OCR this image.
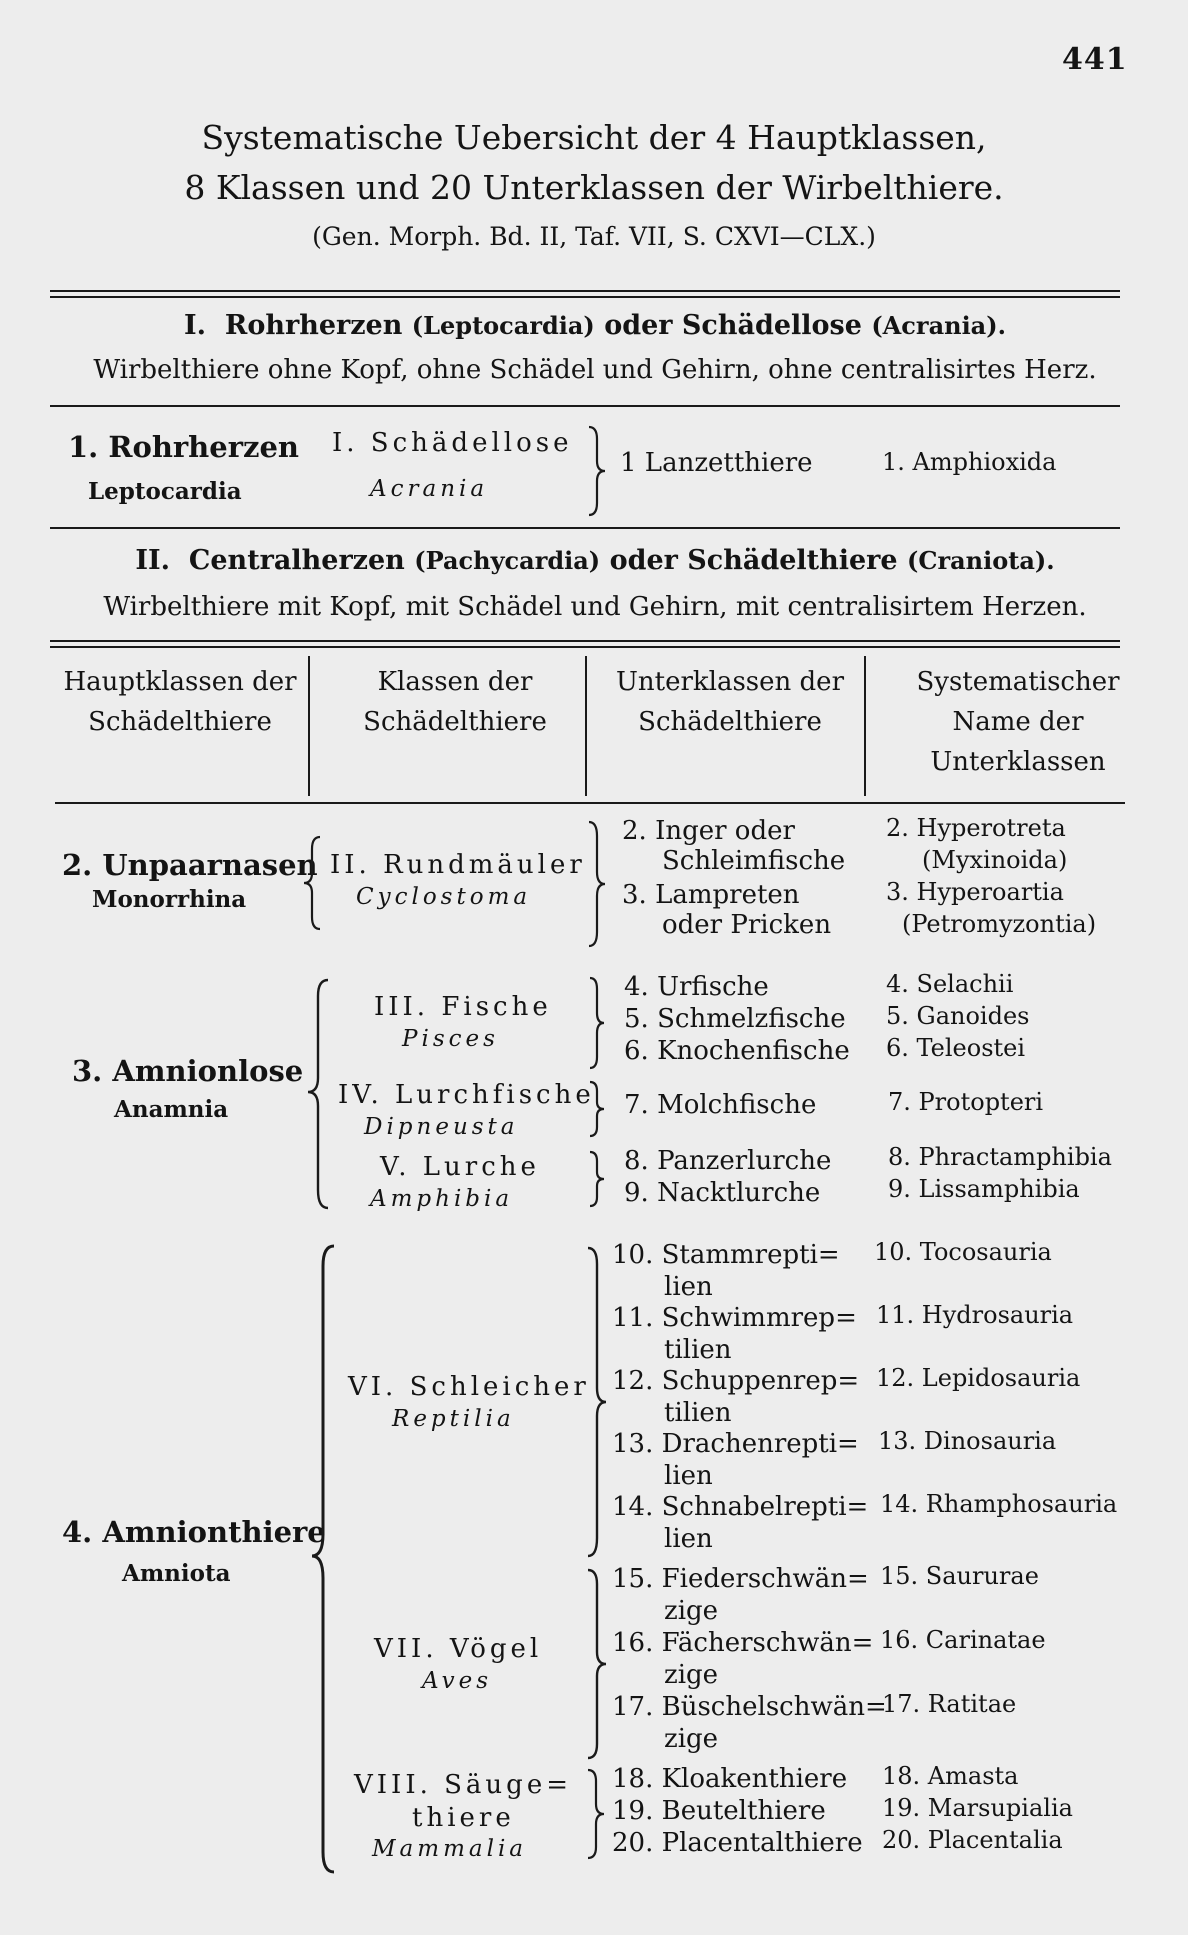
441
Systematische Uebersicht der 4 Hauptklassen,
8 Klassen und 20 Unterklassen der Wirbelthiere.
(Gen. Morph. Bd. II, Taf. VII, S. CXVI—CLX.)
I. Rohrherzen (Leptocardia) oder Schädellose (Acrania).
Wirbelthiere ohne Kopf, ohne Schädel und Gehirn, ohne centralisirtes Herz.
1. Rohrherzen
Leptocardia
I. Schädellose
Acrania
1 Lanzetthiere	1. Amphioxida
II. Centralherzen (Pachycardia) oder Schädelthiere (Craniota).
Wirbelthiere mit Kopf, mit Schädel und Gehirn, mit centralisirtem Herzen.
Hauptklassen der Schädelthiere
Klassen der Schädelthiere
Unterklassen der Schädelthiere
Systematischer Name der Unterklassen
2. Unpaarnasen
Monorrhina
II. Rundmäuler
Cyclostoma
2. Inger oder
Schleimfische
3. Lampreten
oder Pricken
2. Hyperotreta
(Myxinoida)
3. Hyperoartia
(Petromyzontia)
3. Amnionlose
Anamnia
III. Fische
Pisces
IV. Lurchfische
Dipneusta
V. Lurche
Amphibia
4. Urfische
5. Schmelzfische
6. Knochenfische
7. Molchfische
8. Panzerlurche
9. Nacktlurche
4. Selachii
5. Ganoides
6. Teleostei
7. Protopteri
8. Phractamphibia
9. Lissamphibia
4. Amnionthiere
Amniota
VI. Schleicher
Reptilia
VII. Vögel
Aves
VIII. Säuge=
thiere
Mammalia
10. Stammrepti=
lien
11. Schwimmrep=
tilien
12. Schuppenrep=
tilien
13. Drachenrepti=
lien
14. Schnabelrepti=
lien
15. Fiederschwän=
zige
16. Fächerschwän=
zige
17. Büschelschwän=
zige
18. Kloakenthiere
19. Beutelthiere
20. Placentalthiere
10. Tocosauria
11. Hydrosauria
12. Lepidosauria
13. Dinosauria
14. Rhamphosauria
15. Saururae
16. Carinatae
17. Ratitae
18. Amasta
19. Marsupialia
20. Placentalia
